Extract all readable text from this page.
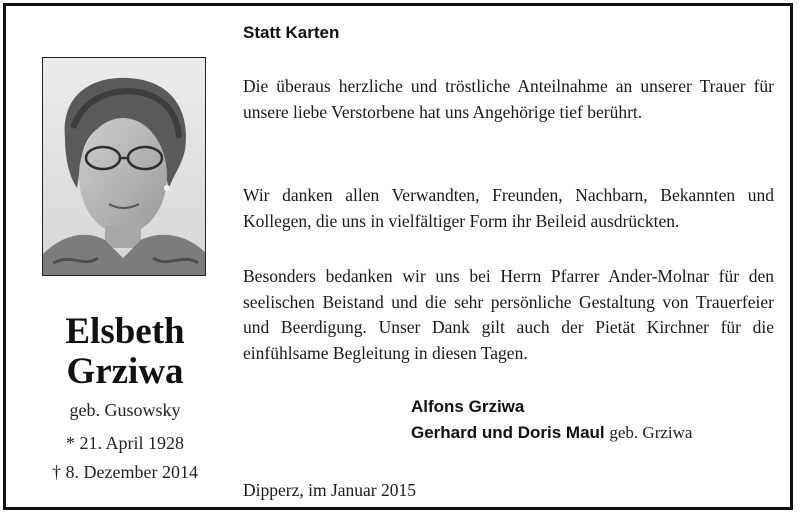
Elsbeth
Grziwa
geb. Gusowsky
* 21. April 1928
† 8. Dezember 2014
Statt Karten
Die überaus herzliche und tröstliche Anteilnahme an unserer Trauer für unsere liebe Verstorbene hat uns Angehörige tief berührt.
Wir danken allen Verwandten, Freunden, Nachbarn, Bekannten und Kollegen, die uns in vielfältiger Form ihr Beileid ausdrückten.
Besonders bedanken wir uns bei Herrn Pfarrer Ander-Molnar für den seelischen Beistand und die sehr persönliche Gestaltung von Trauerfeier und Beerdigung. Unser Dank gilt auch der Pietät Kirchner für die einfühlsame Begleitung in diesen Tagen.
Alfons Grziwa
Gerhard und Doris Maul geb. Grziwa
Dipperz, im Januar 2015
